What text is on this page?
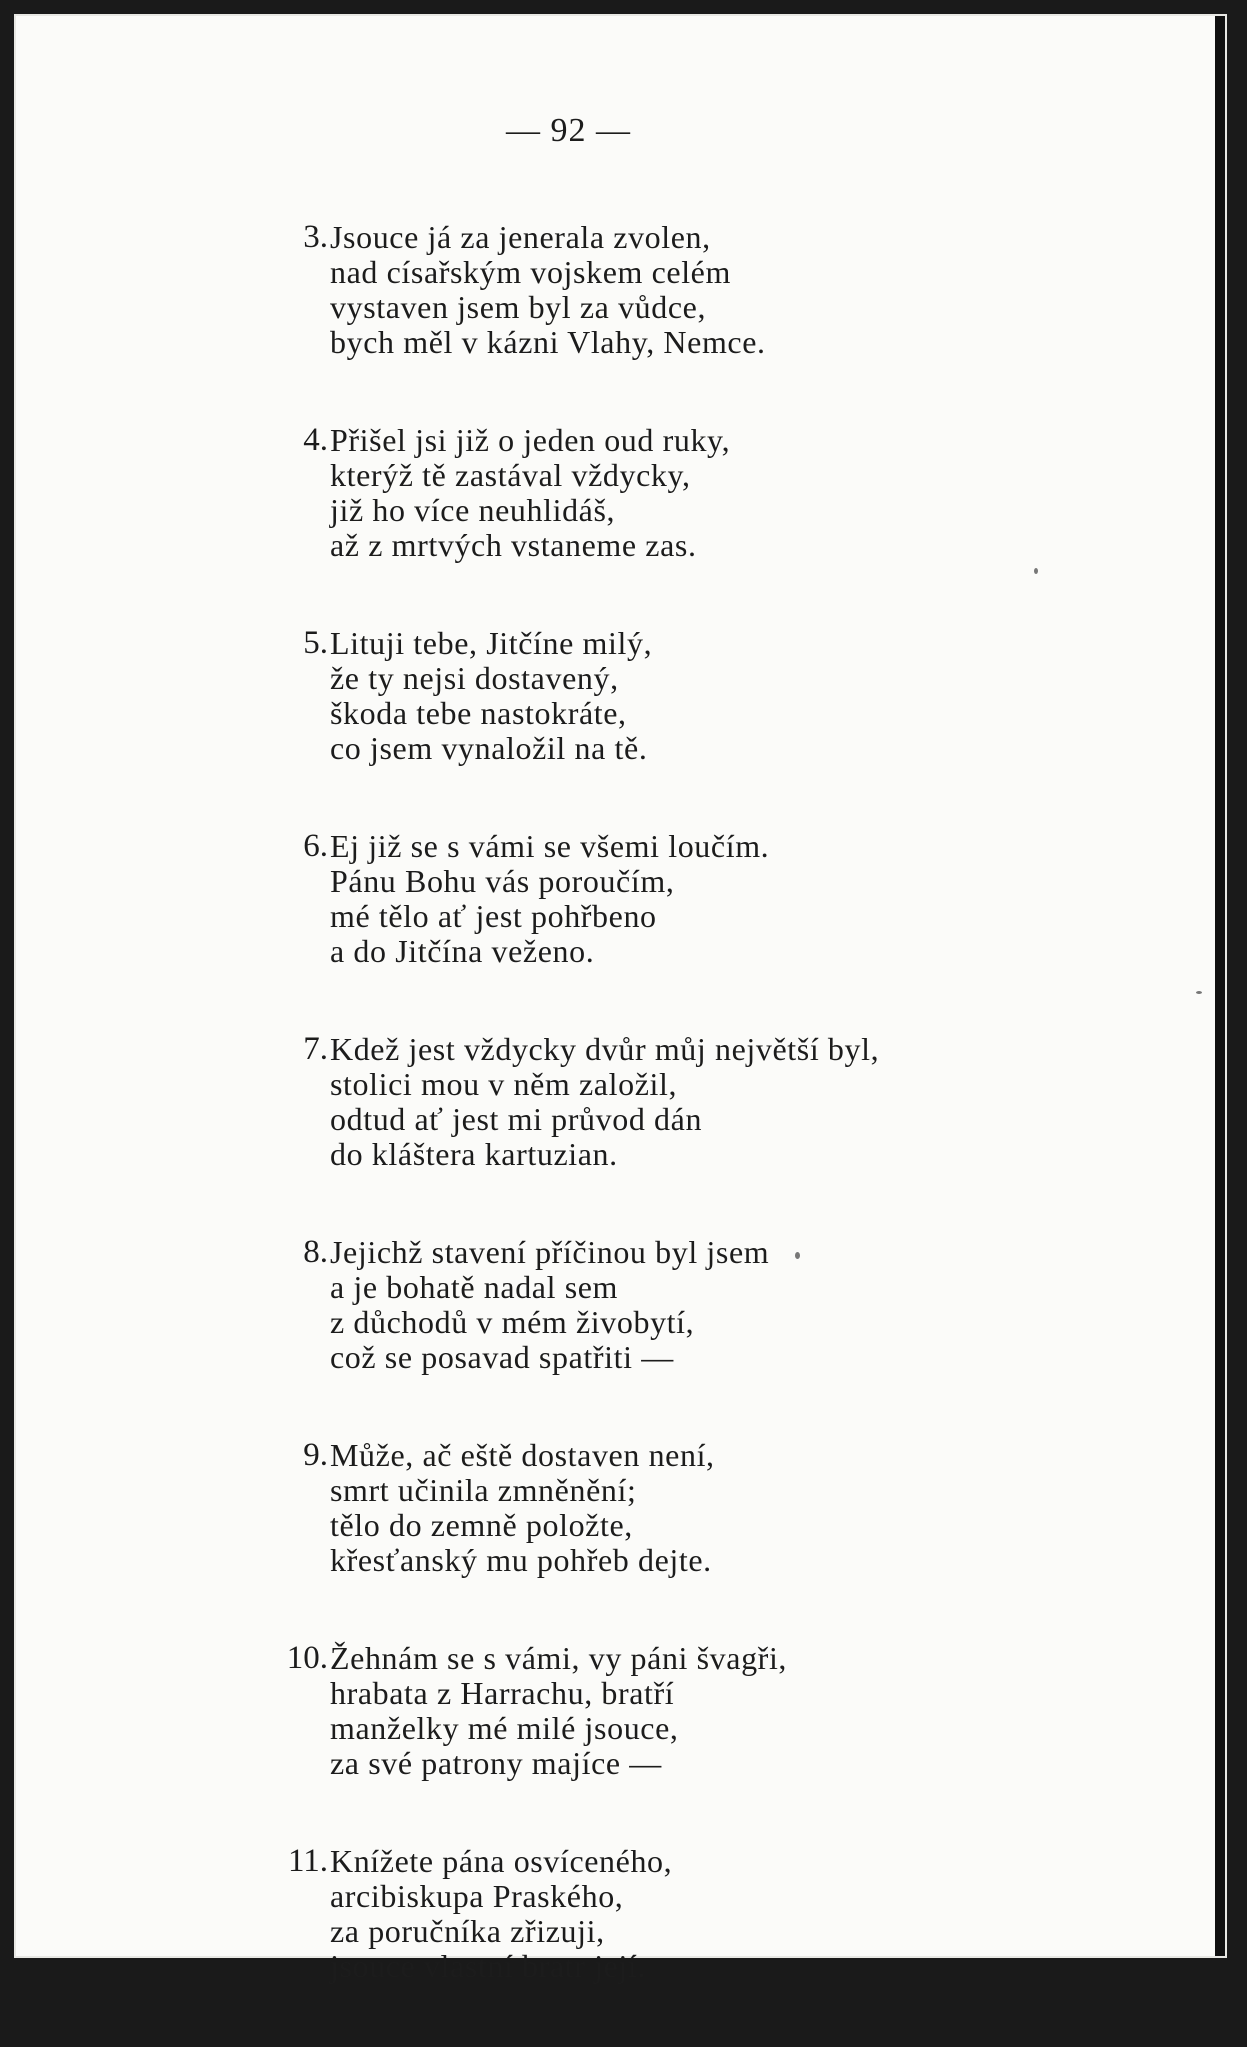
— 92 —
3. Jsouce já za jenerala zvolen,
nad císařským vojskem celém
vystaven jsem byl za vůdce,
bych měl v kázni Vlahy, Nemce.
4. Přišel jsi již o jeden oud ruky,
kterýž tě zastával vždycky,
již ho více neuhlidáš,
až z mrtvých vstaneme zas.
5. Lituji tebe, Jitčíne milý,
že ty nejsi dostavený,
škoda tebe nastokráte,
co jsem vynaložil na tě.
6. Ej již se s vámi se všemi loučím.
Pánu Bohu vás poroučím,
mé tělo ať jest pohřbeno
a do Jitčína veženo.
7. Kdež jest vždycky dvůr můj největší byl,
stolici mou v něm založil,
odtud ať jest mi průvod dán
do kláštera kartuzian.
8. Jejichž stavení příčinou byl jsem
a je bohatě nadal sem
z důchodů v mém živobytí,
což se posavad spatřiti —
9. Může, ač eště dostaven není,
smrt učinila zmněnění;
tělo do zemně položte,
křesťanský mu pohřeb dejte.
10. Žehnám se s vámi, vy páni švagři,
hrabata z Harrachu, bratří
manželky mé milé jsouce,
za své patrony majíce —
11. Knížete pána osvíceného,
arcibiskupa Praského,
za poručníka zřizuji,
jsouce vlastní bratr její.
